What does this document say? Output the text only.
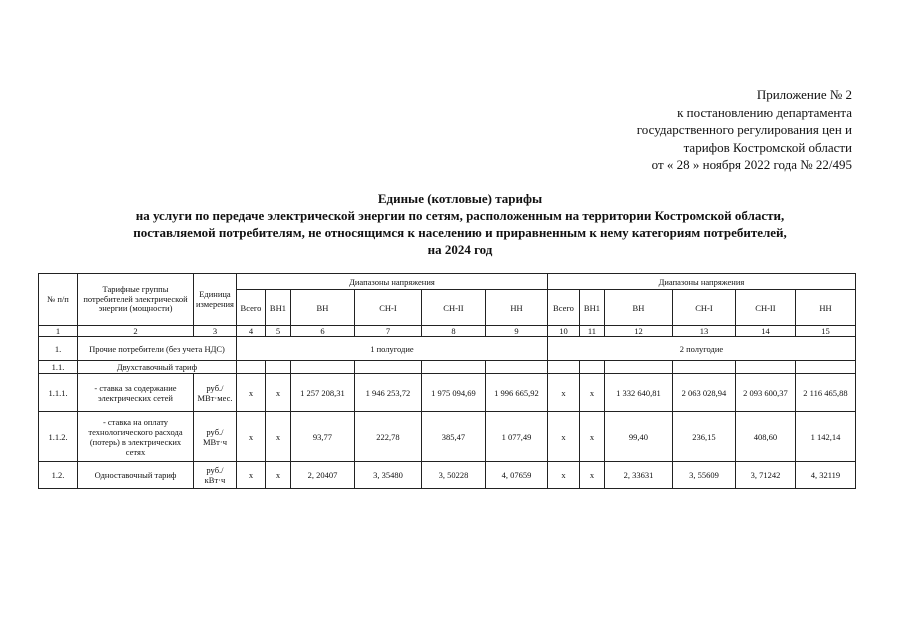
Приложение № 2
к постановлению департамента
государственного регулирования цен и
тарифов Костромской области
от « 28 » ноября 2022 года № 22/495
Единые (котловые) тарифы
на услуги по передаче электрической энергии по сетям, расположенным на территории Костромской области,
поставляемой потребителям, не относящимся к населению и приравненным к нему категориям потребителей,
на 2024 год
№ п/п	Тарифные группы потребителей электрической энергии (мощности)	Единица измерения	Диапазоны напряжения						Диапазоны напряжения					
			Всего	ВН1	ВН	СН-I	СН-II	НН	Всего	ВН1	ВН	СН-I	СН-II	НН
1	2	3	4	5	6	7	8	9	10	11	12	13	14	15
1.	Прочие потребители (без учета НДС)		1 полугодие						2 полугодие					
1.1.	Двухставочный тариф													
1.1.1.	- ставка за содержание электрических сетей	руб./ МВт·мес.	x	x	1 257 208,31	1 946 253,72	1 975 094,69	1 996 665,92	x	x	1 332 640,81	2 063 028,94	2 093 600,37	2 116 465,88
1.1.2.	- ставка на оплату технологического расхода (потерь) в электрических сетях	руб./ МВт·ч	x	x	93,77	222,78	385,47	1 077,49	x	x	99,40	236,15	408,60	1 142,14
1.2.	Одноставочный тариф	руб./ кВт·ч	x	x	2, 20407	3, 35480	3, 50228	4, 07659	x	x	2, 33631	3, 55609	3, 71242	4, 32119
